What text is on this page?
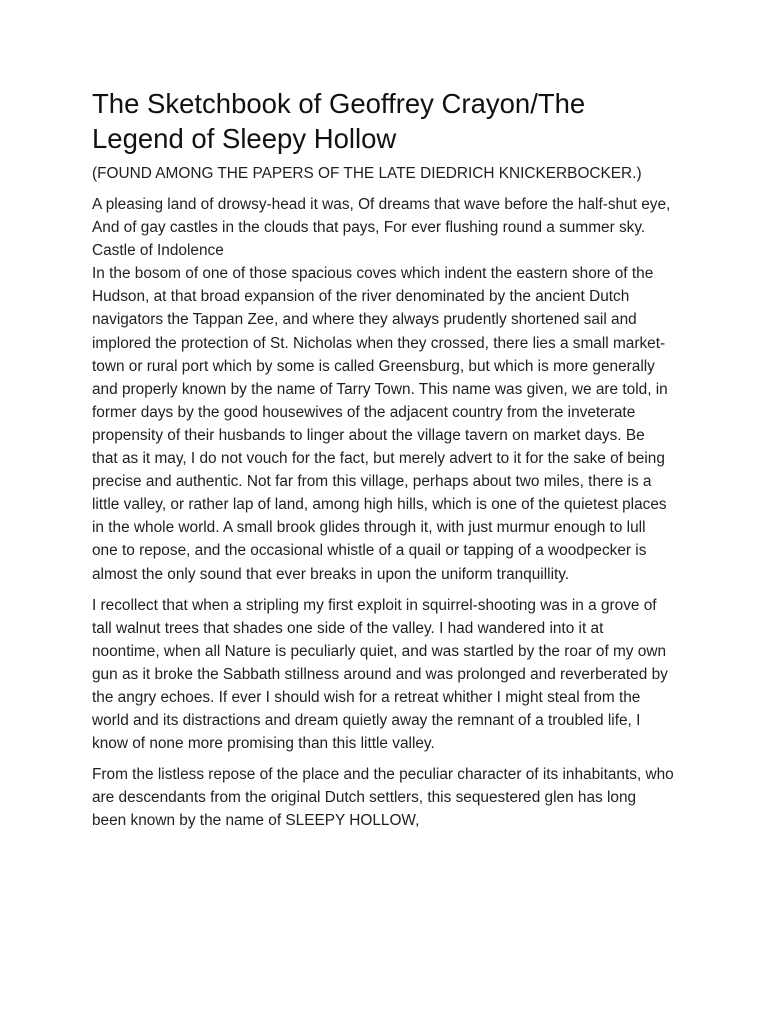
The Sketchbook of Geoffrey Crayon/The Legend of Sleepy Hollow

(FOUND AMONG THE PAPERS OF THE LATE DIEDRICH KNICKERBOCKER.)

A pleasing land of drowsy-head it was, Of dreams that wave before the half-shut eye,
And of gay castles in the clouds that pays, For ever flushing round a summer sky.
Castle of Indolence
In the bosom of one of those spacious coves which indent the eastern shore of the Hudson, at that broad expansion of the river denominated by the ancient Dutch navigators the Tappan Zee, and where they always prudently shortened sail and implored the protection of St. Nicholas when they crossed, there lies a small market-town or rural port which by some is called Greensburg, but which is more generally and properly known by the name of Tarry Town. This name was given, we are told, in former days by the good housewives of the adjacent country from the inveterate propensity of their husbands to linger about the village tavern on market days. Be that as it may, I do not vouch for the fact, but merely advert to it for the sake of being precise and authentic. Not far from this village, perhaps about two miles, there is a little valley, or rather lap of land, among high hills, which is one of the quietest places in the whole world. A small brook glides through it, with just murmur enough to lull one to repose, and the occasional whistle of a quail or tapping of a woodpecker is almost the only sound that ever breaks in upon the uniform tranquillity.

I recollect that when a stripling my first exploit in squirrel-shooting was in a grove of tall walnut trees that shades one side of the valley. I had wandered into it at noontime, when all Nature is peculiarly quiet, and was startled by the roar of my own gun as it broke the Sabbath stillness around and was prolonged and reverberated by the angry echoes. If ever I should wish for a retreat whither I might steal from the world and its distractions and dream quietly away the remnant of a troubled life, I know of none more promising than this little valley.

From the listless repose of the place and the peculiar character of its inhabitants, who are descendants from the original Dutch settlers, this sequestered glen has long been known by the name of SLEEPY HOLLOW,
